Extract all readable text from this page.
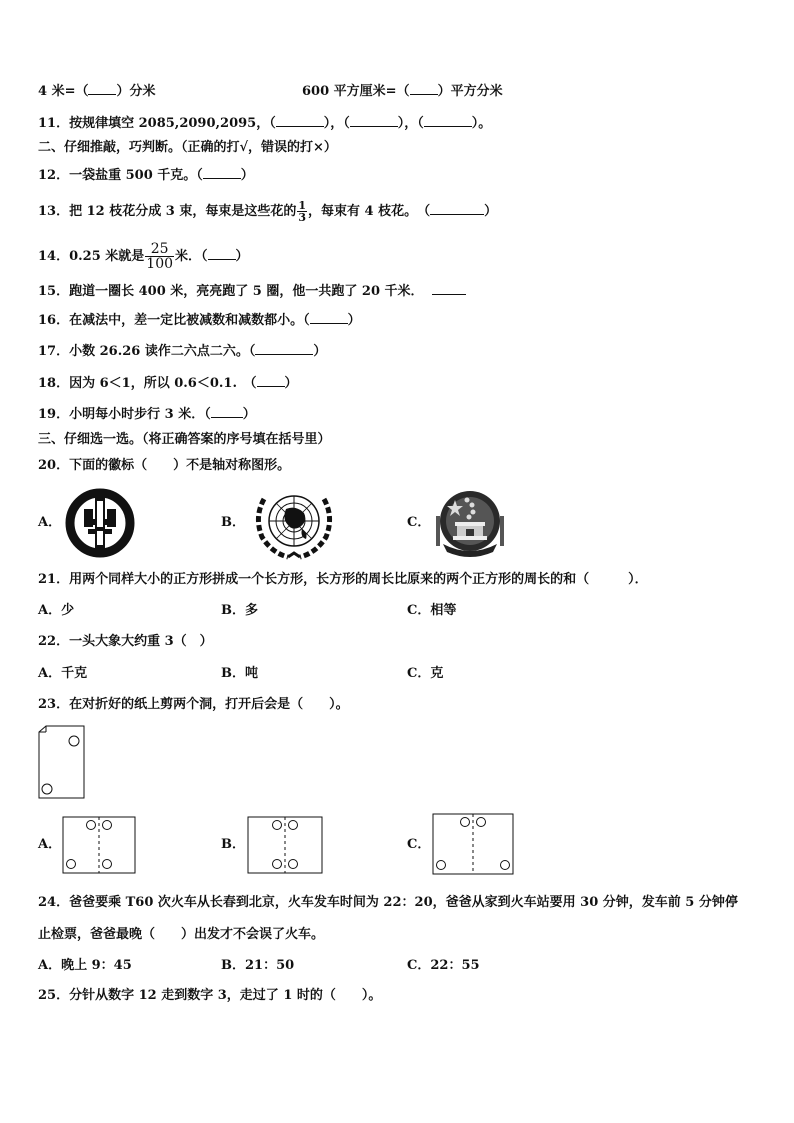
4 米=（ ）分米	600 平方厘米=（ ）平方分米
11．按规律填空 2085,2090,2095，（	），（	），（	）。
二、仔细推敲，巧判断。（正确的打√，错误的打×）
12．一袋盐重 500 千克。（	）
13．把 12 枝花分成 3 束，每束是这些花的 $\frac{1}{3}$ ，每束有 4 枝花。　（	）
14．0.25 米就是 $\frac{25}{100}$ 米．（ ）
15．跑道一圈长 400 米，亮亮跑了 5 圈，他一共跑了 20 千米．
16．在减法中，差一定比被减数和减数都小。（	）
17．小数 26.26 读作二六点二六。（	）
18．因为 6＜1，所以 0.6＜0.1.　（ ）
19．小明每小时步行 3 米．（ ）
三、仔细选一选。（将正确答案的序号填在括号里）
20．下面的徽标（　　）不是轴对称图形。
A．	B．	C．
21．用两个同样大小的正方形拼成一个长方形，长方形的周长比原来的两个正方形的周长的和（　　　）．
A．少	B．多	C．相等
22．一头大象大约重 3（　）
A．千克	B．吨	C．克
23．在对折好的纸上剪两个洞，打开后会是（　　）。
A．	B．	C．
24．爸爸要乘 T60 次火车从长春到北京，火车发车时间为 22：20，爸爸从家到火车站要用 30 分钟，发车前 5 分钟停
止检票，爸爸最晚（　　）出发才不会误了火车。
A．晚上 9：45	B．21：50	C．22：55
25．分针从数字 12 走到数字 3，走过了 1 时的（　　）。
